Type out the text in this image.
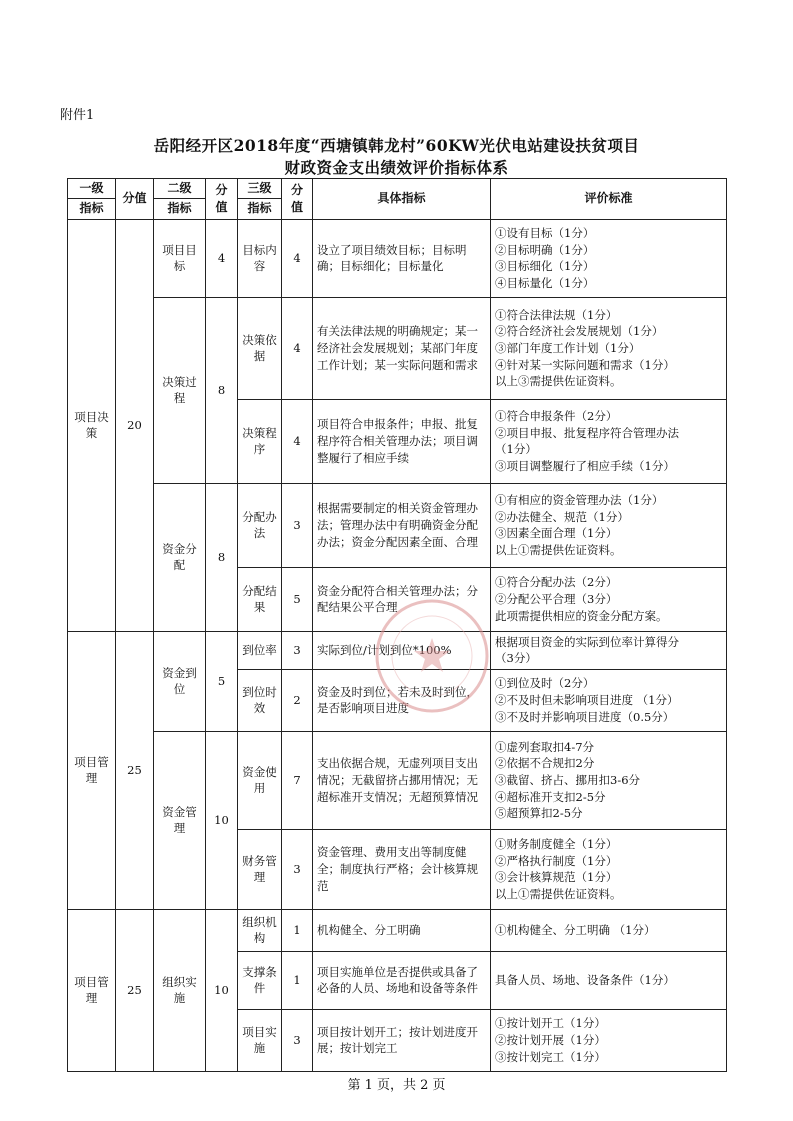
附件1
岳阳经开区2018年度“西塘镇韩龙村”60KW光伏电站建设扶贫项目
财政资金支出绩效评价指标体系
一级	分值	二级	分值	三级	分值	具体指标	评价标准
指标		指标		指标			
项目决策	20	项目目标	4	目标内容	4	设立了项目绩效目标；目标明确；目标细化；目标量化	①设有目标（1分）
②目标明确（1分）
③目标细化（1分）
④目标量化（1分）

		决策过程	8	决策依据	4	有关法律法规的明确规定；某一经济社会发展规划；某部门年度工作计划；某一实际问题和需求	①符合法律法规（1分）
②符合经济社会发展规划（1分）
③部门年度工作计划（1分）
④针对某一实际问题和需求（1分）
以上③需提供佐证资料。

				决策程序	4	项目符合申报条件；申报、批复程序符合相关管理办法；项目调整履行了相应手续	①符合申报条件（2分）
②项目申报、批复程序符合管理办法
（1分）
③项目调整履行了相应手续（1分）

		资金分配	8	分配办法	3	根据需要制定的相关资金管理办法；管理办法中有明确资金分配办法；资金分配因素全面、合理	①有相应的资金管理办法（1分）
②办法健全、规范（1分）
③因素全面合理（1分）
以上①需提供佐证资料。

				分配结果	5	资金分配符合相关管理办法；分配结果公平合理	①符合分配办法（2分）
②分配公平合理（3分）
此项需提供相应的资金分配方案。

项目管理	25	资金到位	5	到位率	3	实际到位/计划到位*100%	根据项目资金的实际到位率计算得分
（3分）

				到位时效	2	资金及时到位；若未及时到位，是否影响项目进度	①到位及时（2分）
②不及时但未影响项目进度 （1分）
③不及时并影响项目进度（0.5分）

		资金管理	10	资金使用	7	支出依据合规，无虚列项目支出情况；无截留挤占挪用情况；无超标准开支情况；无超预算情况	①虚列套取扣4-7分
②依据不合规扣2分
③截留、挤占、挪用扣3-6分
④超标准开支扣2-5分
⑤超预算扣2-5分

				财务管理	3	资金管理、费用支出等制度健全；制度执行严格；会计核算规范	①财务制度健全（1分）
②严格执行制度（1分）
③会计核算规范（1分）
以上①需提供佐证资料。

项目管理	25	组织实施	10	组织机构	1	机构健全、分工明确	①机构健全、分工明确 （1分）

				支撑条件	1	项目实施单位是否提供或具备了必备的人员、场地和设备等条件	具备人员、场地、设备条件（1分）

				项目实施	3	项目按计划开工；按计划进度开展；按计划完工	①按计划开工（1分）
②按计划开展（1分）
③按计划完工（1分）
第 1 页，共 2 页
